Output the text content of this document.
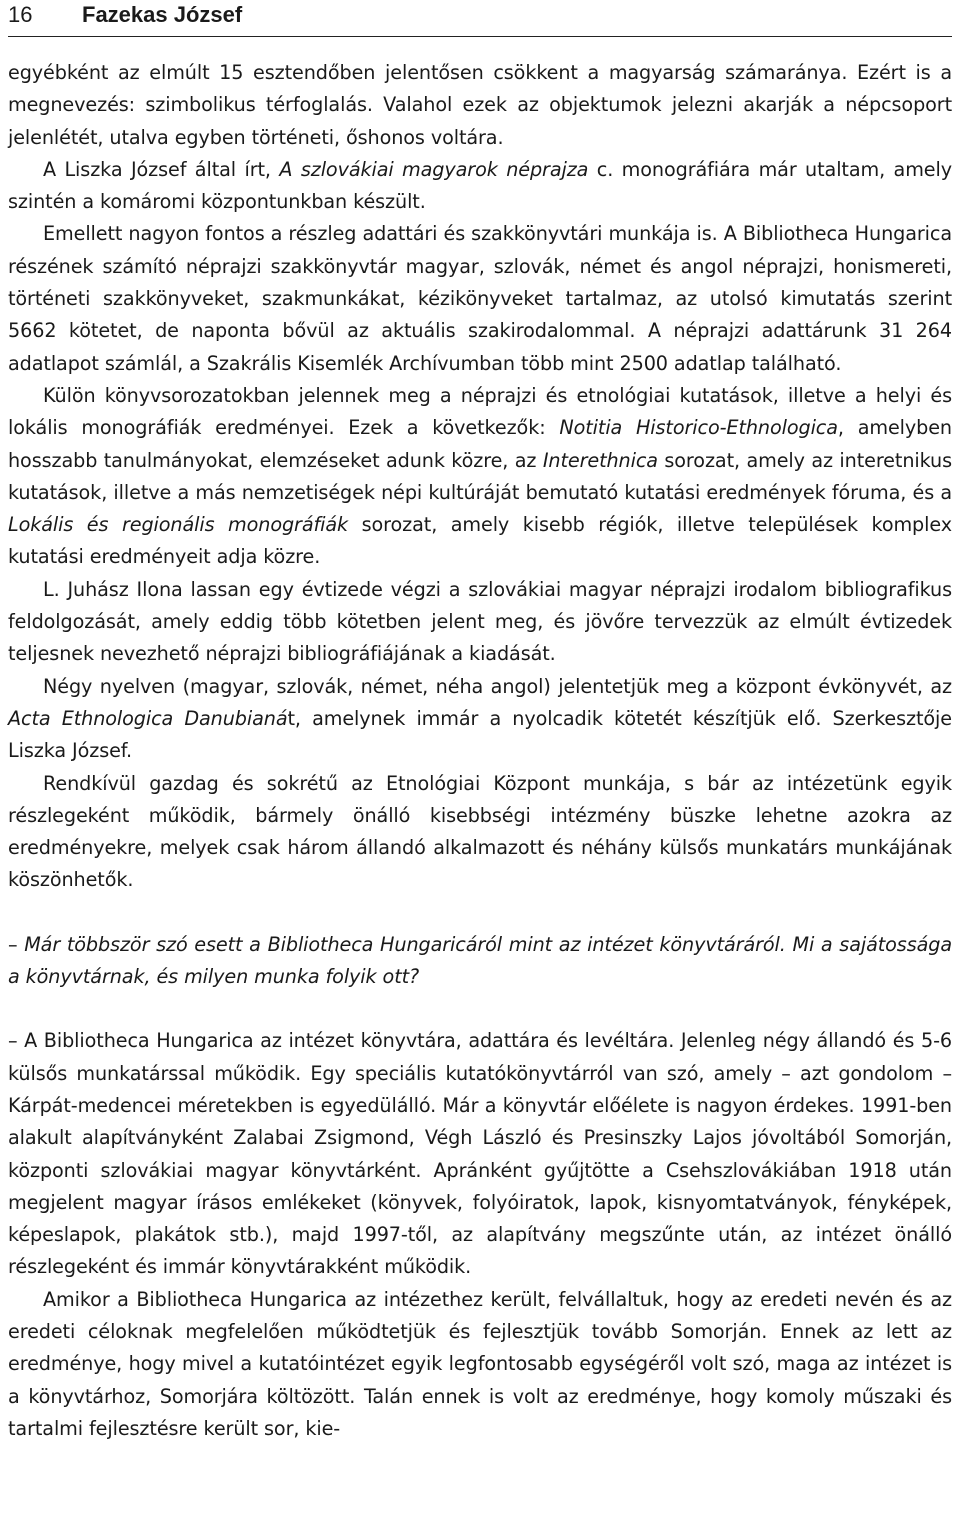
16 Fazekas József

egyébként az elmúlt 15 esztendőben jelentősen csökkent a magyarság számaránya. Ezért is a megnevezés: szimbolikus térfoglalás. Valahol ezek az objektumok jelezni akarják a népcsoport jelenlétét, utalva egyben történeti, őshonos voltára.

A Liszka József által írt, A szlovákiai magyarok néprajza c. monográfiára már utaltam, amely szintén a komáromi központunkban készült.

Emellett nagyon fontos a részleg adattári és szakkönyvtári munkája is. A Bibliotheca Hungarica részének számító néprajzi szakkönyvtár magyar, szlovák, német és angol néprajzi, honismereti, történeti szakkönyveket, szakmunkákat, kézikönyveket tartalmaz, az utolsó kimutatás szerint 5662 kötetet, de naponta bővül az aktuális szakirodalommal. A néprajzi adattárunk 31 264 adatlapot számlál, a Szakrális Kisemlék Archívumban több mint 2500 adatlap található.

Külön könyvsorozatokban jelennek meg a néprajzi és etnológiai kutatások, illetve a helyi és lokális monográfiák eredményei. Ezek a következők: Notitia Historico-Ethnologica, amelyben hosszabb tanulmányokat, elemzéseket adunk közre, az Interethnica sorozat, amely az interetnikus kutatások, illetve a más nemzetiségek népi kultúráját bemutató kutatási eredmények fóruma, és a Lokális és regionális monográfiák sorozat, amely kisebb régiók, illetve települések komplex kutatási eredményeit adja közre.

L. Juhász Ilona lassan egy évtizede végzi a szlovákiai magyar néprajzi irodalom bibliografikus feldolgozását, amely eddig több kötetben jelent meg, és jövőre tervezzük az elmúlt évtizedek teljesnek nevezhető néprajzi bibliográfiájának a kiadását.

Négy nyelven (magyar, szlovák, német, néha angol) jelentetjük meg a központ évkönyvét, az Acta Ethnologica Danubianát, amelynek immár a nyolcadik kötetét készítjük elő. Szerkesztője Liszka József.

Rendkívül gazdag és sokrétű az Etnológiai Központ munkája, s bár az intézetünk egyik részlegeként működik, bármely önálló kisebbségi intézmény büszke lehetne azokra az eredményekre, melyek csak három állandó alkalmazott és néhány külsős munkatárs munkájának köszönhetők.

– Már többször szó esett a Bibliotheca Hungaricáról mint az intézet könyvtáráról. Mi a sajátossága a könyvtárnak, és milyen munka folyik ott?

– A Bibliotheca Hungarica az intézet könyvtára, adattára és levéltára. Jelenleg négy állandó és 5-6 külsős munkatárssal működik. Egy speciális kutatókönyvtárról van szó, amely – azt gondolom – Kárpát-medencei méretekben is egyedülálló. Már a könyvtár előélete is nagyon érdekes. 1991-ben alakult alapítványként Zalabai Zsigmond, Végh László és Presinszky Lajos jóvoltából Somorján, központi szlovákiai magyar könyvtárként. Apránként gyűjtötte a Csehszlovákiában 1918 után megjelent magyar írásos emlékeket (könyvek, folyóiratok, lapok, kisnyomtatványok, fényképek, képeslapok, plakátok stb.), majd 1997-től, az alapítvány megszűnte után, az intézet önálló részlegeként és immár könyvtárakként működik.

Amikor a Bibliotheca Hungarica az intézethez került, felvállaltuk, hogy az eredeti nevén és az eredeti céloknak megfelelően működtetjük és fejlesztjük tovább Somorján. Ennek az lett az eredménye, hogy mivel a kutatóintézet egyik legfontosabb egységéről volt szó, maga az intézet is a könyvtárhoz, Somorjára költözött. Talán ennek is volt az eredménye, hogy komoly műszaki és tartalmi fejlesztésre került sor, kie-
